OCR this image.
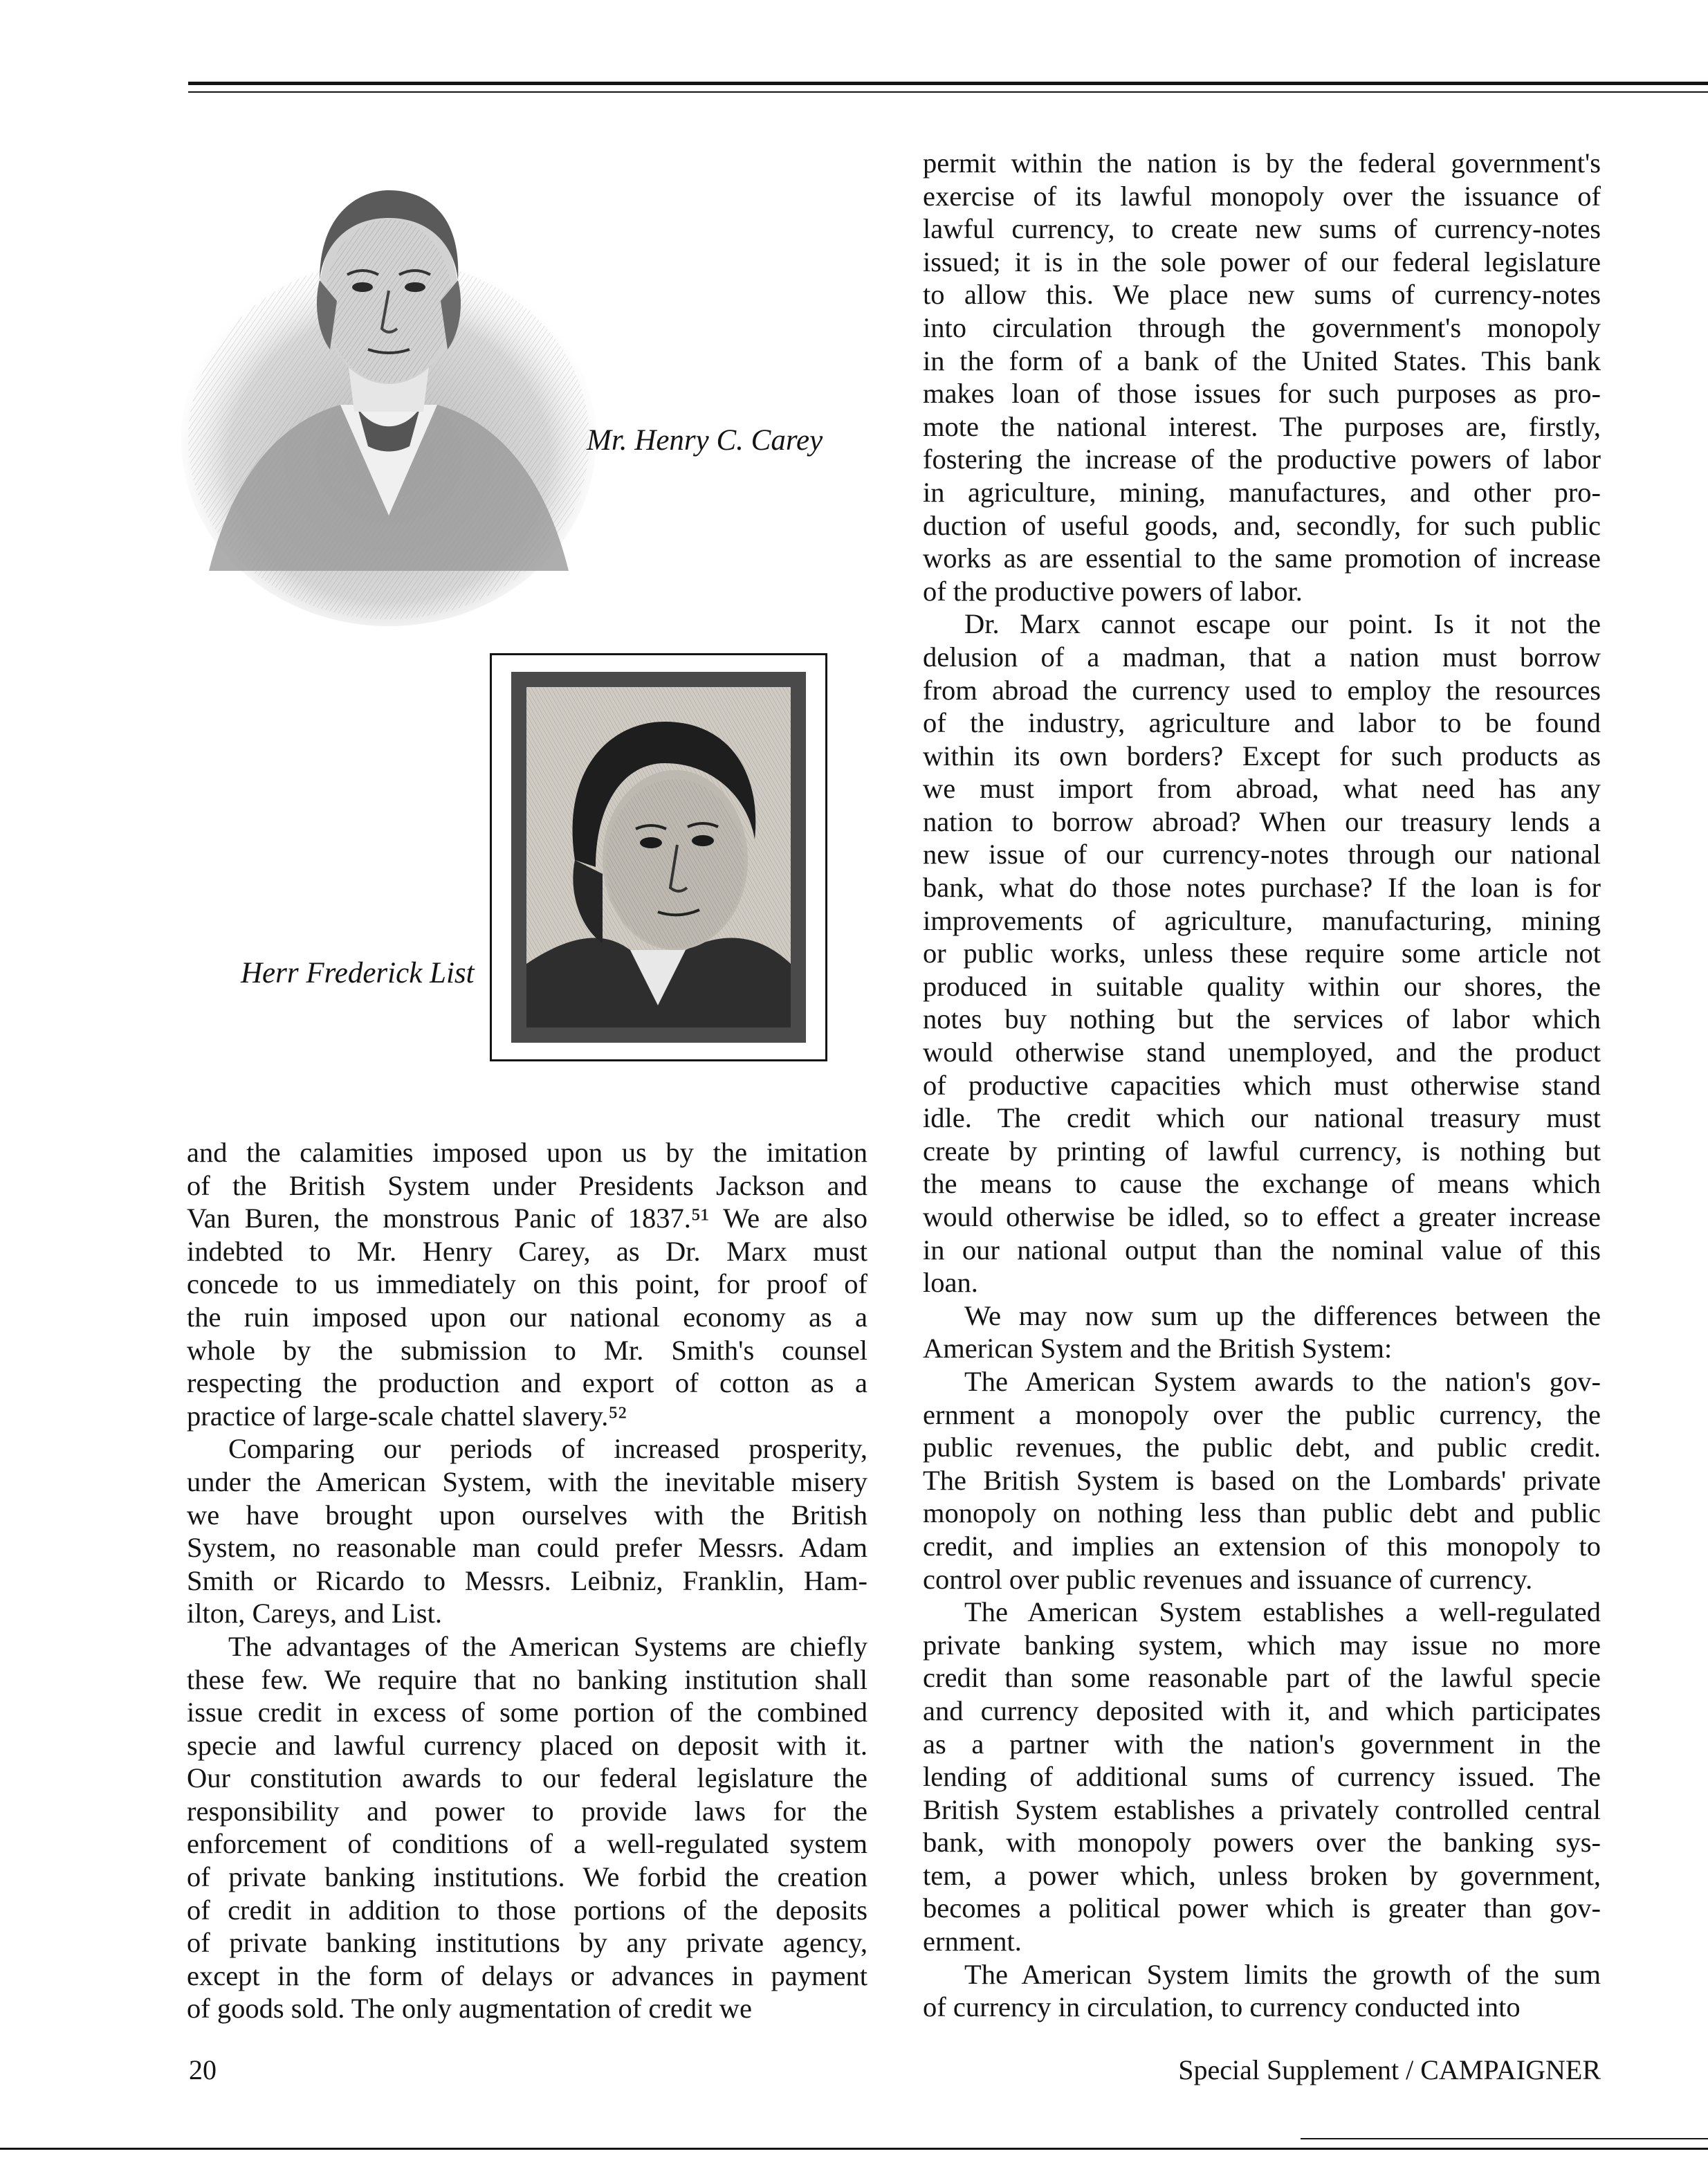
Mr. Henry C. Carey
Herr Frederick List

and the calamities imposed upon us by the imitation
of the British System under Presidents Jackson and
Van Buren, the monstrous Panic of 1837.⁵¹ We are also
indebted to Mr. Henry Carey, as Dr. Marx must
concede to us immediately on this point, for proof of
the ruin imposed upon our national economy as a
whole by the submission to Mr. Smith's counsel
respecting the production and export of cotton as a
practice of large-scale chattel slavery.⁵²

Comparing our periods of increased prosperity,
under the American System, with the inevitable misery
we have brought upon ourselves with the British
System, no reasonable man could prefer Messrs. Adam
Smith or Ricardo to Messrs. Leibniz, Franklin, Ham-
ilton, Careys, and List.

The advantages of the American Systems are chiefly
these few. We require that no banking institution shall
issue credit in excess of some portion of the combined
specie and lawful currency placed on deposit with it.
Our constitution awards to our federal legislature the
responsibility and power to provide laws for the
enforcement of conditions of a well-regulated system
of private banking institutions. We forbid the creation
of credit in addition to those portions of the deposits
of private banking institutions by any private agency,
except in the form of delays or advances in payment
of goods sold. The only augmentation of credit we

permit within the nation is by the federal government's
exercise of its lawful monopoly over the issuance of
lawful currency, to create new sums of currency-notes
issued; it is in the sole power of our federal legislature
to allow this. We place new sums of currency-notes
into circulation through the government's monopoly
in the form of a bank of the United States. This bank
makes loan of those issues for such purposes as pro-
mote the national interest. The purposes are, firstly,
fostering the increase of the productive powers of labor
in agriculture, mining, manufactures, and other pro-
duction of useful goods, and, secondly, for such public
works as are essential to the same promotion of increase
of the productive powers of labor.

Dr. Marx cannot escape our point. Is it not the
delusion of a madman, that a nation must borrow
from abroad the currency used to employ the resources
of the industry, agriculture and labor to be found
within its own borders? Except for such products as
we must import from abroad, what need has any
nation to borrow abroad? When our treasury lends a
new issue of our currency-notes through our national
bank, what do those notes purchase? If the loan is for
improvements of agriculture, manufacturing, mining
or public works, unless these require some article not
produced in suitable quality within our shores, the
notes buy nothing but the services of labor which
would otherwise stand unemployed, and the product
of productive capacities which must otherwise stand
idle. The credit which our national treasury must
create by printing of lawful currency, is nothing but
the means to cause the exchange of means which
would otherwise be idled, so to effect a greater increase
in our national output than the nominal value of this
loan.

We may now sum up the differences between the
American System and the British System:

The American System awards to the nation's gov-
ernment a monopoly over the public currency, the
public revenues, the public debt, and public credit.
The British System is based on the Lombards' private
monopoly on nothing less than public debt and public
credit, and implies an extension of this monopoly to
control over public revenues and issuance of currency.

The American System establishes a well-regulated
private banking system, which may issue no more
credit than some reasonable part of the lawful specie
and currency deposited with it, and which participates
as a partner with the nation's government in the
lending of additional sums of currency issued. The
British System establishes a privately controlled central
bank, with monopoly powers over the banking sys-
tem, a power which, unless broken by government,
becomes a political power which is greater than gov-
ernment.

The American System limits the growth of the sum
of currency in circulation, to currency conducted into

20	Special Supplement / CAMPAIGNER
